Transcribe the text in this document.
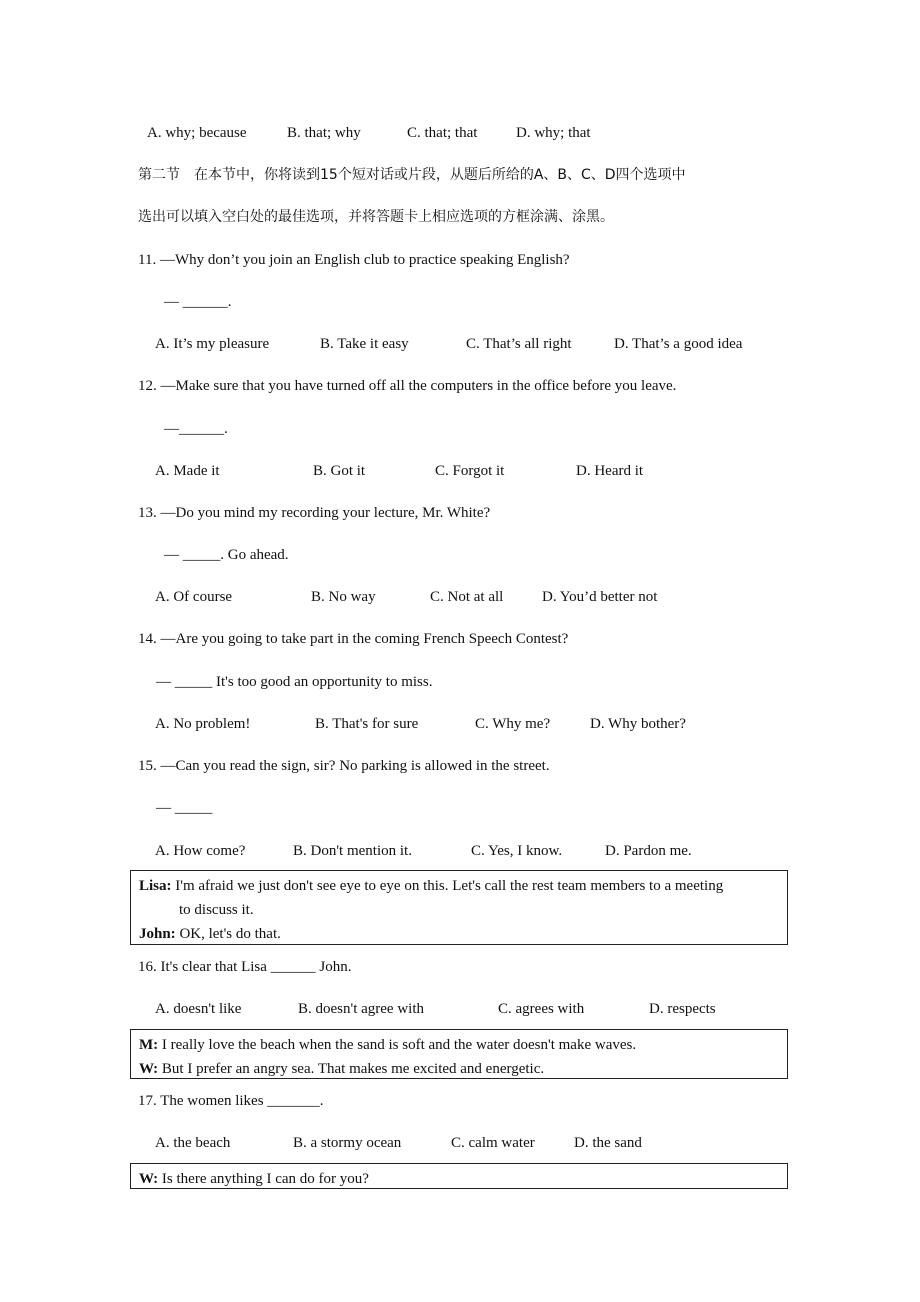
A. why; because	B. that; why	C. that; that	D. why; that
第二节　在本节中，你将读到15个短对话或片段，从题后所给的A、B、C、D四个选项中
选出可以填入空白处的最佳选项，并将答题卡上相应选项的方框涂满、涂黑。
11. —Why don’t you join an English club to practice speaking English?
— ______.
A. It’s my pleasure	B. Take it easy	C. That’s all right	D. That’s a good idea
12. —Make sure that you have turned off all the computers in the office before you leave.
—______.
A. Made it	B. Got it	C. Forgot it	D. Heard it
13. —Do you mind my recording your lecture, Mr. White?
— _____. Go ahead.
A. Of course	B. No way	C. Not at all	D. You’d better not
14. —Are you going to take part in the coming French Speech Contest?
— _____ It's too good an opportunity to miss.
A. No problem!	B. That's for sure	C. Why me?	D. Why bother?
15. —Can you read the sign, sir? No parking is allowed in the street.
— _____
A. How come?	B. Don't mention it.	C. Yes, I know.	D. Pardon me.
Lisa: I'm afraid we just don't see eye to eye on this. Let's call the rest team members to a meeting
to discuss it.
John: OK, let's do that.
16. It's clear that Lisa ______ John.
A. doesn't like	B. doesn't agree with	C. agrees with	D. respects
M: I really love the beach when the sand is soft and the water doesn't make waves.
W: But I prefer an angry sea. That makes me excited and energetic.
17. The women likes _______.
A. the beach	B. a stormy ocean	C. calm water	D. the sand
W: Is there anything I can do for you?
